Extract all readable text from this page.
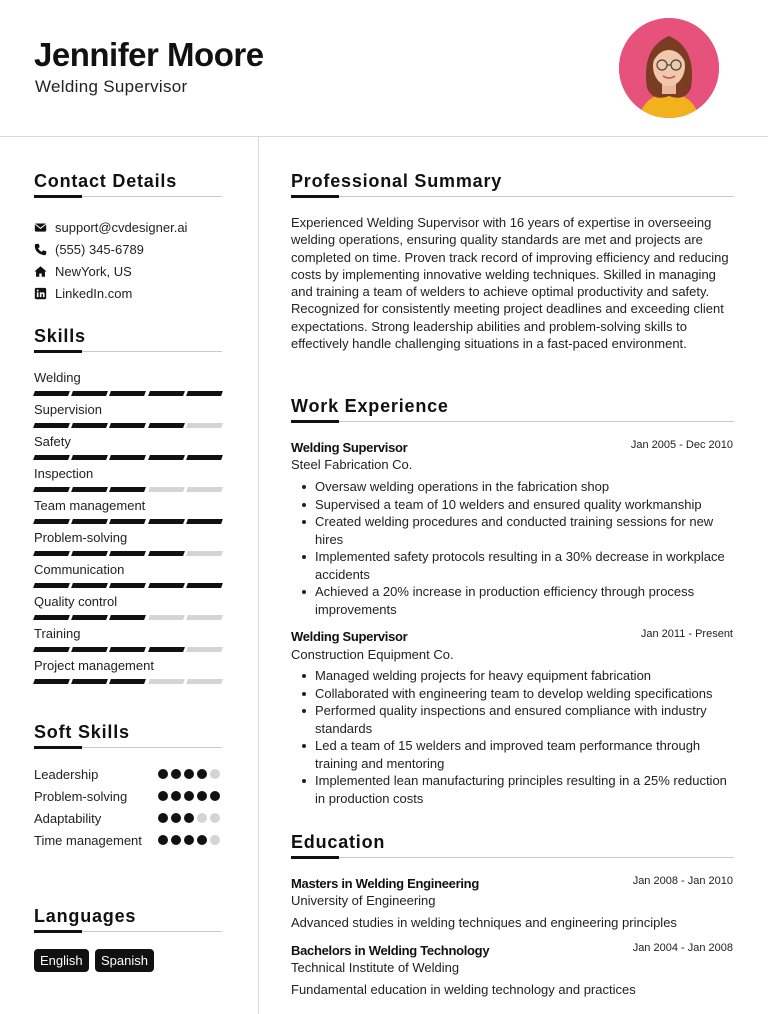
Jennifer Moore
Welding Supervisor
Contact Details
support@cvdesigner.ai
(555) 345-6789
NewYork, US
LinkedIn.com
Skills
Welding
Supervision
Safety
Inspection
Team management
Problem-solving
Communication
Quality control
Training
Project management
Soft Skills
Leadership
Problem-solving
Adaptability
Time management
Languages
English	Spanish
Professional Summary
Experienced Welding Supervisor with 16 years of expertise in overseeing welding operations, ensuring quality standards are met and projects are completed on time. Proven track record of improving efficiency and reducing costs by implementing innovative welding techniques. Skilled in managing and training a team of welders to achieve optimal productivity and safety. Recognized for consistently meeting project deadlines and exceeding client expectations. Strong leadership abilities and problem-solving skills to effectively handle challenging situations in a fast-paced environment.
Work Experience
Welding Supervisor	Jan 2005 - Dec 2010
Steel Fabrication Co.
Oversaw welding operations in the fabrication shop
Supervised a team of 10 welders and ensured quality workmanship
Created welding procedures and conducted training sessions for new hires
Implemented safety protocols resulting in a 30% decrease in workplace accidents
Achieved a 20% increase in production efficiency through process improvements
Welding Supervisor	Jan 2011 - Present
Construction Equipment Co.
Managed welding projects for heavy equipment fabrication
Collaborated with engineering team to develop welding specifications
Performed quality inspections and ensured compliance with industry standards
Led a team of 15 welders and improved team performance through training and mentoring
Implemented lean manufacturing principles resulting in a 25% reduction in production costs
Education
Masters in Welding Engineering	Jan 2008 - Jan 2010
University of Engineering
Advanced studies in welding techniques and engineering principles
Bachelors in Welding Technology	Jan 2004 - Jan 2008
Technical Institute of Welding
Fundamental education in welding technology and practices
